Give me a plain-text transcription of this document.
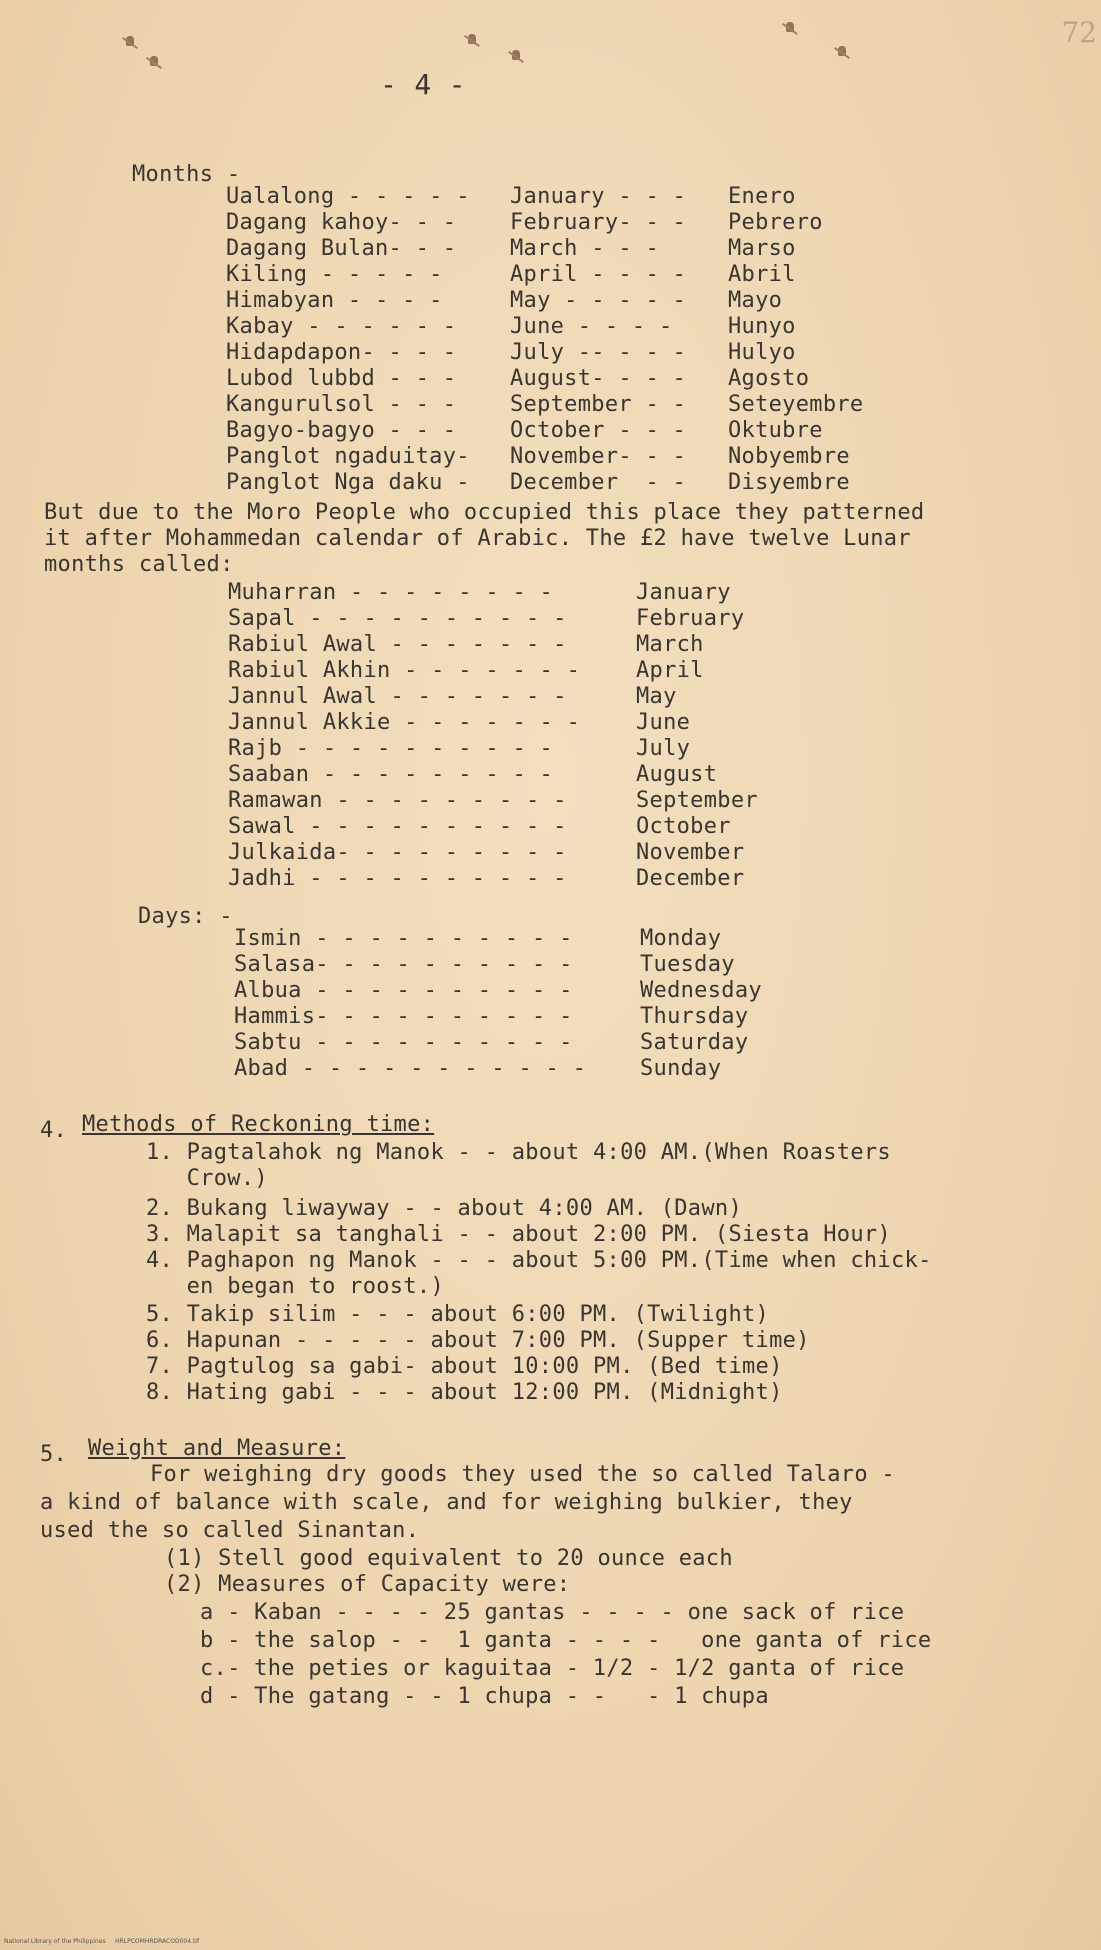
72
- 4 -
Months -
Ualalong - - - - - January - - - Enero
Dagang kahoy- - - February- - - Pebrero
Dagang Bulan- - - March - - -	Marso
Kiling - - - - -	April - - - - Abril
Himabyan - - - -	May - - - - - Mayo
Kabay - - - - - - June - - - -	Hunyo
Hidapdapon- - - - July -- - - - Hulyo
Lubod lubbd - - - August- - - - Agosto
Kangurulsol - - - September - - Seteyembre
Bagyo-bagyo - - - October - - - Oktubre
Panglot ngaduitay- November- - - Nobyembre
Panglot Nga daku - December  - - Disyembre
But due to the Moro People who occupied this place they patterned
it after Mohammedan calendar of Arabic. The £2 have twelve Lunar
months called:
Muharran - - - - - - - -	January
Sapal - - - - - - - - - -	February
Rabiul Awal - - - - - - -	March
Rabiul Akhin - - - - - - -	April
Jannul Awal - - - - - - -	May
Jannul Akkie - - - - - - -	June
Rajb - - - - - - - - - -	July
Saaban - - - - - - - - -	August
Ramawan - - - - - - - - -	September
Sawal - - - - - - - - - -	October
Julkaida- - - - - - - - -	November
Jadhi - - - - - - - - - -	December
Days: -
Ismin - - - - - - - - - -	Monday
Salasa- - - - - - - - - -	Tuesday
Albua - - - - - - - - - -	Wednesday
Hammis- - - - - - - - - -	Thursday
Sabtu - - - - - - - - - -	Saturday
Abad - - - - - - - - - - - Sunday
4. Methods of Reckoning time:
1. Pagtalahok ng Manok - - about 4:00 AM.(When Roasters
Crow.)
2. Bukang liwayway - - about 4:00 AM. (Dawn)
3. Malapit sa tanghali - - about 2:00 PM. (Siesta Hour)
4. Paghapon ng Manok - - - about 5:00 PM.(Time when chick-
en began to roost.)
5. Takip silim - - - about 6:00 PM. (Twilight)
6. Hapunan - - - - - about 7:00 PM. (Supper time)
7. Pagtulog sa gabi- about 10:00 PM. (Bed time)
8. Hating gabi - - - about 12:00 PM. (Midnight)
5. Weight and Measure:
For weighing dry goods they used the so called Talaro -
a kind of balance with scale, and for weighing bulkier, they
used the so called Sinantan.
(1) Stell good equivalent to 20 ounce each
(2) Measures of Capacity were:
a - Kaban - - - - 25 gantas - - - - one sack of rice
b - the salop - -  1 ganta - - - -   one ganta of rice
c.- the peties or kaguitaa - 1/2 - 1/2 ganta of rice
d - The gatang - - 1 chupa - -   - 1 chupa
National Library of the Philippines     HRLPCOMHRDRACOD004.tif
